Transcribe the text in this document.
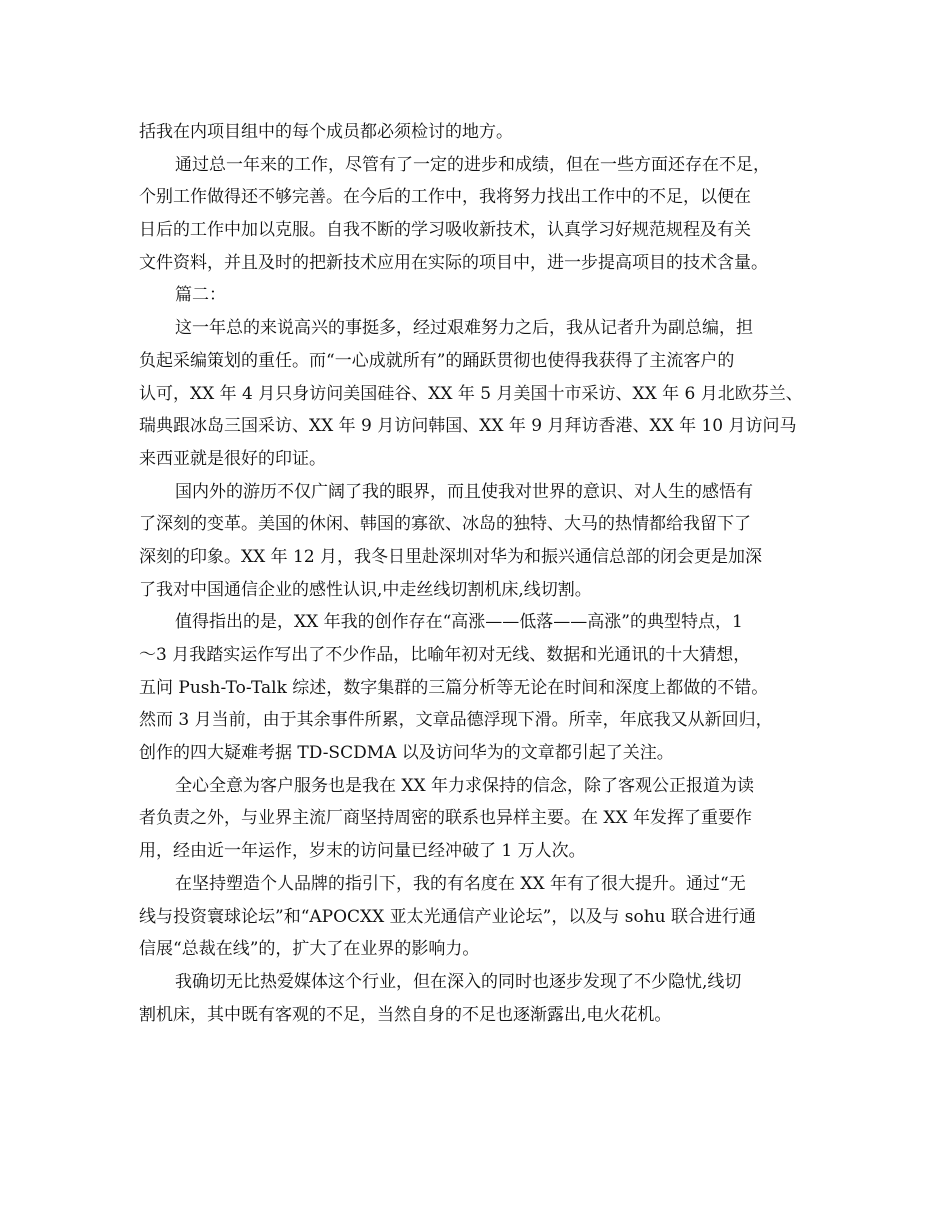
括我在内项目组中的每个成员都必须检讨的地方。
通过总一年来的工作，尽管有了一定的进步和成绩，但在一些方面还存在不足，
个别工作做得还不够完善。在今后的工作中，我将努力找出工作中的不足，以便在
日后的工作中加以克服。自我不断的学习吸收新技术，认真学习好规范规程及有关
文件资料，并且及时的把新技术应用在实际的项目中，进一步提高项目的技术含量。
篇二：
这一年总的来说高兴的事挺多，经过艰难努力之后，我从记者升为副总编，担
负起采编策划的重任。而“一心成就所有”的踊跃贯彻也使得我获得了主流客户的
认可，XX 年 4 月只身访问美国硅谷、XX 年 5 月美国十市采访、XX 年 6 月北欧芬兰、
瑞典跟冰岛三国采访、XX 年 9 月访问韩国、XX 年 9 月拜访香港、XX 年 10 月访问马
来西亚就是很好的印证。
国内外的游历不仅广阔了我的眼界，而且使我对世界的意识、对人生的感悟有
了深刻的变革。美国的休闲、韩国的寡欲、冰岛的独特、大马的热情都给我留下了
深刻的印象。XX 年 12 月，我冬日里赴深圳对华为和振兴通信总部的闭会更是加深
了我对中国通信企业的感性认识,中走丝线切割机床,线切割。
值得指出的是，XX 年我的创作存在“高涨——低落——高涨”的典型特点，1
～3 月我踏实运作写出了不少作品，比喻年初对无线、数据和光通讯的十大猜想，
五问 Push-To-Talk 综述，数字集群的三篇分析等无论在时间和深度上都做的不错。
然而 3 月当前，由于其余事件所累，文章品德浮现下滑。所幸，年底我又从新回归，
创作的四大疑难考据 TD-SCDMA 以及访问华为的文章都引起了关注。
全心全意为客户服务也是我在 XX 年力求保持的信念，除了客观公正报道为读
者负责之外，与业界主流厂商坚持周密的联系也异样主要。在 XX 年发挥了重要作
用，经由近一年运作，岁末的访问量已经冲破了 1 万人次。
在坚持塑造个人品牌的指引下，我的有名度在 XX 年有了很大提升。通过“无
线与投资寰球论坛”和“APOCXX 亚太光通信产业论坛”，以及与 sohu 联合进行通
信展“总裁在线”的，扩大了在业界的影响力。
我确切无比热爱媒体这个行业，但在深入的同时也逐步发现了不少隐忧,线切
割机床，其中既有客观的不足，当然自身的不足也逐渐露出,电火花机。
